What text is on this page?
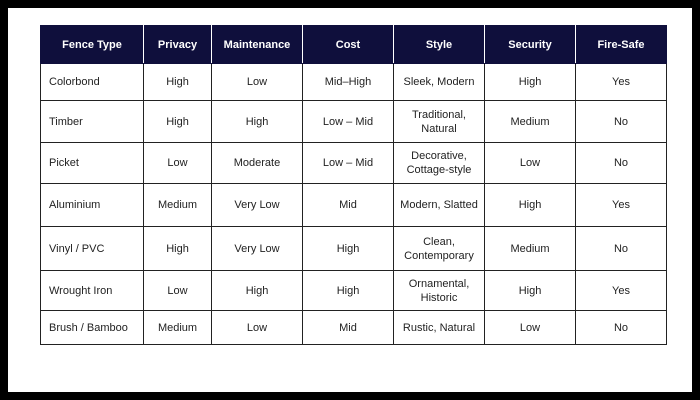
Fence Type	Privacy	Maintenance	Cost	Style	Security	Fire-Safe
Colorbond	High	Low	Mid–High	Sleek, Modern	High	Yes
Timber	High	High	Low – Mid	Traditional, Natural	Medium	No
Picket	Low	Moderate	Low – Mid	Decorative, Cottage-style	Low	No
Aluminium	Medium	Very Low	Mid	Modern, Slatted	High	Yes
Vinyl / PVC	High	Very Low	High	Clean, Contemporary	Medium	No
Wrought Iron	Low	High	High	Ornamental, Historic	High	Yes
Brush / Bamboo	Medium	Low	Mid	Rustic, Natural	Low	No
